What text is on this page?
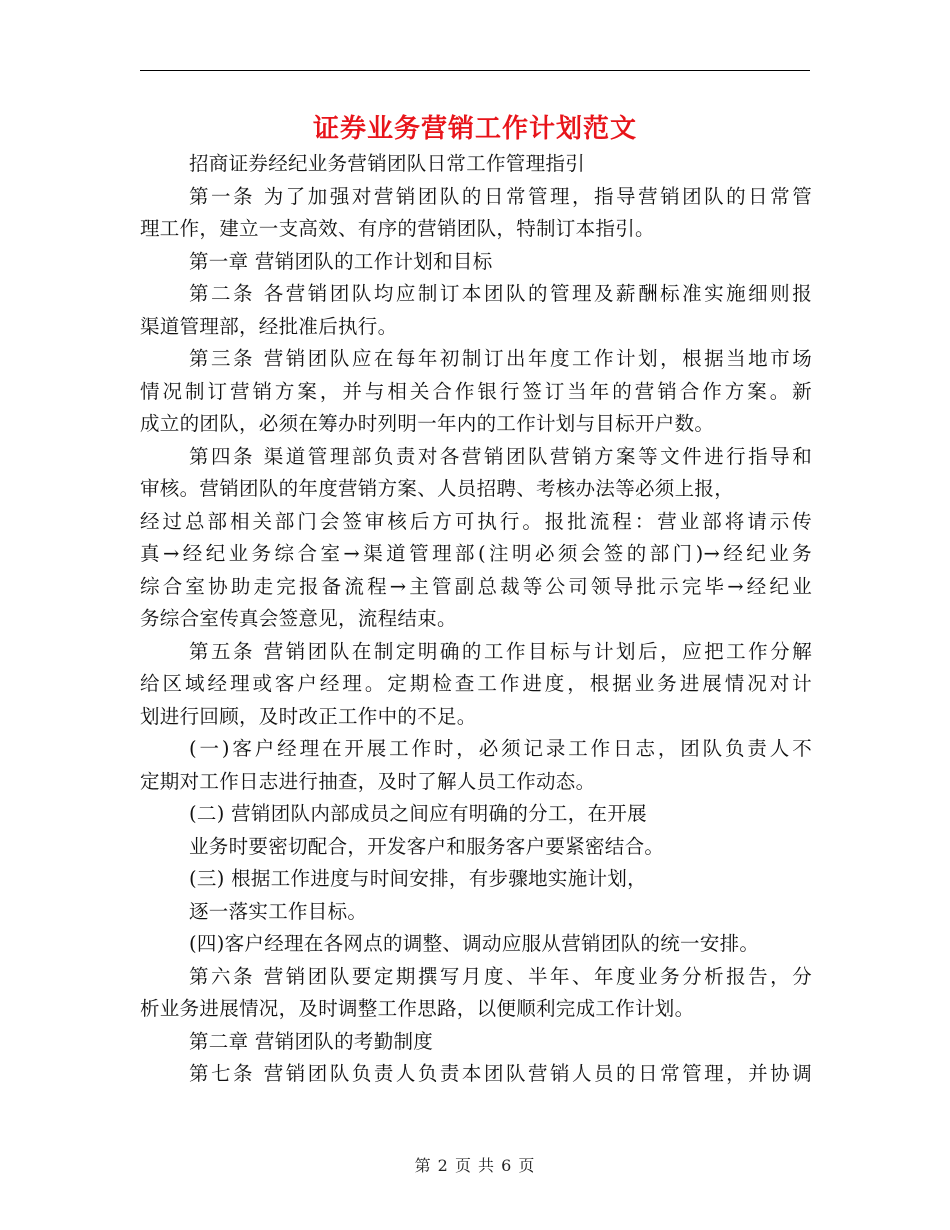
证券业务营销工作计划范文
招商证券经纪业务营销团队日常工作管理指引
第一条 为了加强对营销团队的日常管理，指导营销团队的日常管
理工作，建立一支高效、有序的营销团队，特制订本指引。
第一章 营销团队的工作计划和目标
第二条 各营销团队均应制订本团队的管理及薪酬标准实施细则报
渠道管理部，经批准后执行。
第三条 营销团队应在每年初制订出年度工作计划，根据当地市场
情况制订营销方案，并与相关合作银行签订当年的营销合作方案。新
成立的团队，必须在筹办时列明一年内的工作计划与目标开户数。
第四条 渠道管理部负责对各营销团队营销方案等文件进行指导和
审核。营销团队的年度营销方案、人员招聘、考核办法等必须上报，
经过总部相关部门会签审核后方可执行。报批流程：营业部将请示传
真→经纪业务综合室→渠道管理部(注明必须会签的部门)→经纪业务
综合室协助走完报备流程→主管副总裁等公司领导批示完毕→经纪业
务综合室传真会签意见，流程结束。
第五条 营销团队在制定明确的工作目标与计划后，应把工作分解
给区域经理或客户经理。定期检查工作进度，根据业务进展情况对计
划进行回顾，及时改正工作中的不足。
(一)客户经理在开展工作时，必须记录工作日志，团队负责人不
定期对工作日志进行抽查，及时了解人员工作动态。
(二) 营销团队内部成员之间应有明确的分工，在开展
业务时要密切配合，开发客户和服务客户要紧密结合。
(三) 根据工作进度与时间安排，有步骤地实施计划，
逐一落实工作目标。
(四)客户经理在各网点的调整、调动应服从营销团队的统一安排。
第六条 营销团队要定期撰写月度、半年、年度业务分析报告，分
析业务进展情况，及时调整工作思路，以便顺利完成工作计划。
第二章 营销团队的考勤制度
第七条 营销团队负责人负责本团队营销人员的日常管理，并协调
第 2 页 共 6 页
